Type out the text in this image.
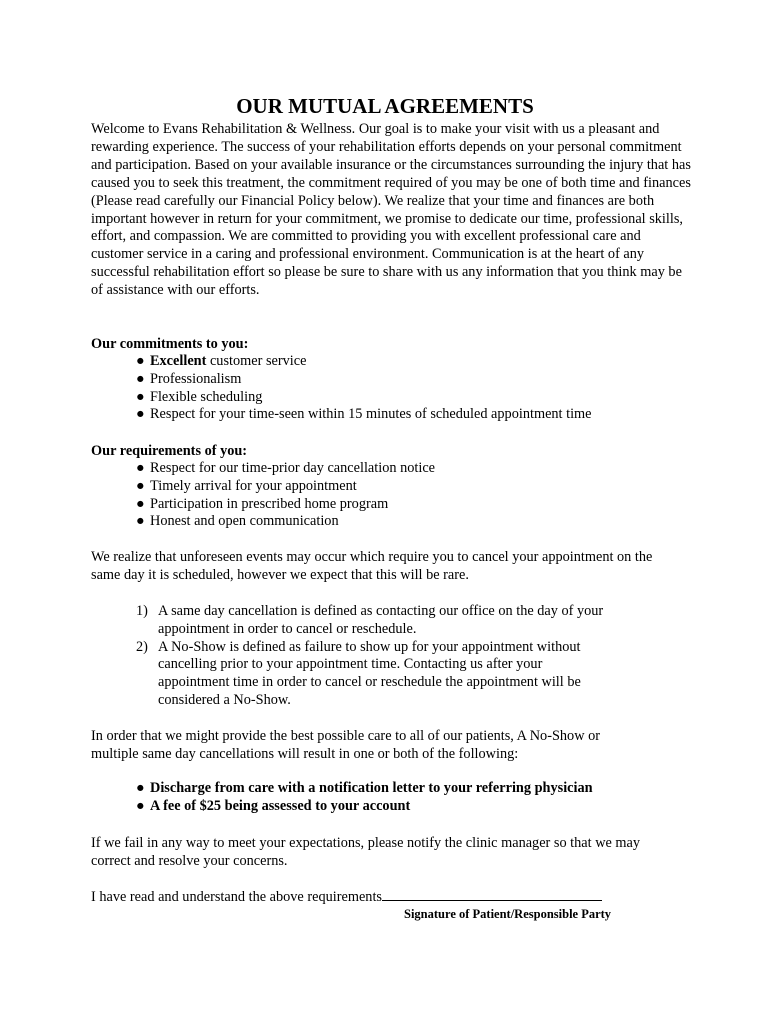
OUR MUTUAL AGREEMENTS
Welcome to Evans Rehabilitation & Wellness. Our goal is to make your visit with us a pleasant and rewarding experience. The success of your rehabilitation efforts depends on your personal commitment and participation. Based on your available insurance or the circumstances surrounding the injury that has caused you to seek this treatment, the commitment required of you may be one of both time and finances (Please read carefully our Financial Policy below). We realize that your time and finances are both important however in return for your commitment, we promise to dedicate our time, professional skills, effort, and compassion. We are committed to providing you with excellent professional care and customer service in a caring and professional environment. Communication is at the heart of any successful rehabilitation effort so please be sure to share with us any information that you think may be of assistance with our efforts.
Our commitments to you:
● Excellent customer service
● Professionalism
● Flexible scheduling
● Respect for your time-seen within 15 minutes of scheduled appointment time
Our requirements of you:
● Respect for our time-prior day cancellation notice
● Timely arrival for your appointment
● Participation in prescribed home program
● Honest and open communication
We realize that unforeseen events may occur which require you to cancel your appointment on the same day it is scheduled, however we expect that this will be rare.
1) A same day cancellation is defined as contacting our office on the day of your appointment in order to cancel or reschedule.
2) A No-Show is defined as failure to show up for your appointment without cancelling prior to your appointment time. Contacting us after your appointment time in order to cancel or reschedule the appointment will be considered a No-Show.
In order that we might provide the best possible care to all of our patients, A No-Show or multiple same day cancellations will result in one or both of the following:
● Discharge from care with a notification letter to your referring physician
● A fee of $25 being assessed to your account
If we fail in any way to meet your expectations, please notify the clinic manager so that we may correct and resolve your concerns.
I have read and understand the above requirements
Signature of Patient/Responsible Party
